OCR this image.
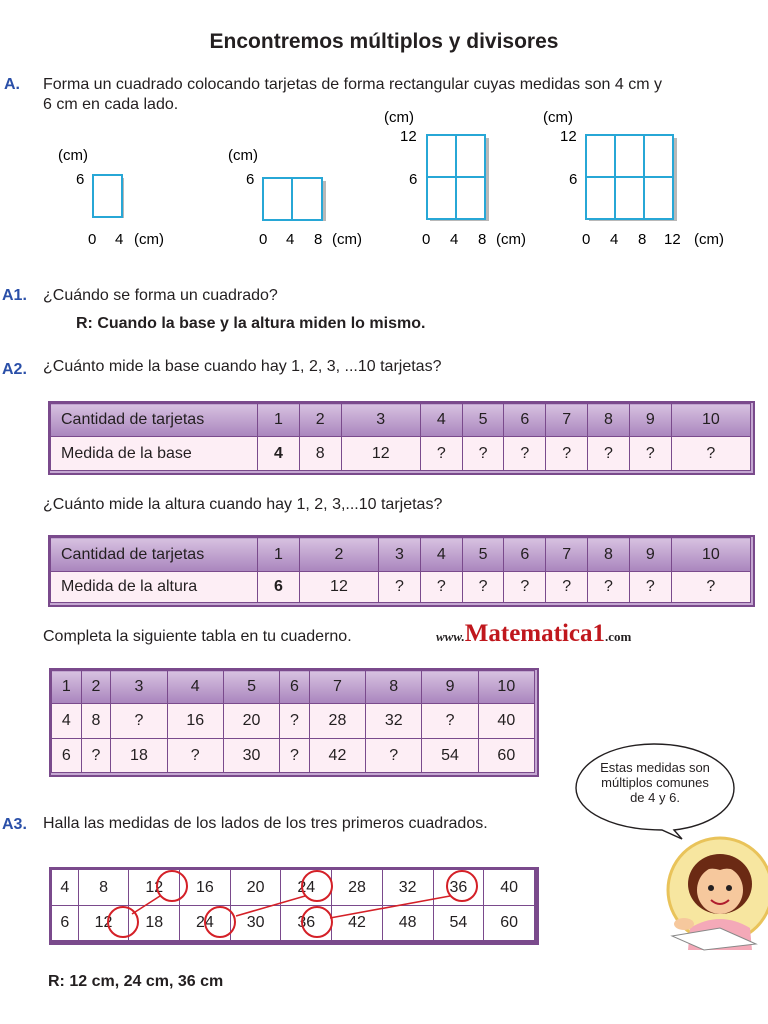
Encontremos múltiplos y divisores
A. Forma un cuadrado colocando tarjetas de forma rectangular cuyas medidas son 4 cm y
6 cm en cada lado.
(cm)
6
0 4 (cm)
(cm)
6
0 4 8 (cm)
(cm)
12
6
0 4 8 (cm)
(cm)
12
6
0 4 8 12 (cm)
A1. ¿Cuándo se forma un cuadrado?
R: Cuando la base y la altura miden lo mismo.
A2. ¿Cuánto mide la base cuando hay 1, 2, 3, ...10 tarjetas?
Cantidad de tarjetas	1	2	3	4	5	6	7	8	9	10
Medida de la base	4	8	12	?	?	?	?	?	?	?
¿Cuánto mide la altura cuando hay 1, 2, 3,...10 tarjetas?
Cantidad de tarjetas	1	2	3	4	5	6	7	8	9	10
Medida de la altura	6	12	?	?	?	?	?	?	?	?
Completa la siguiente tabla en tu cuaderno.	www.Matematica1.com
1	2	3	4	5	6	7	8	9	10
4	8	?	16	20	?	28	32	?	40
6	?	18	?	30	?	42	?	54	60
Estas medidas son
múltiplos comunes
de 4 y 6.
A3. Halla las medidas de los lados de los tres primeros cuadrados.
4	8	12	16	20	24	28	32	36	40
6	12	18	24	30	36	42	48	54	60
R: 12 cm, 24 cm, 36 cm
